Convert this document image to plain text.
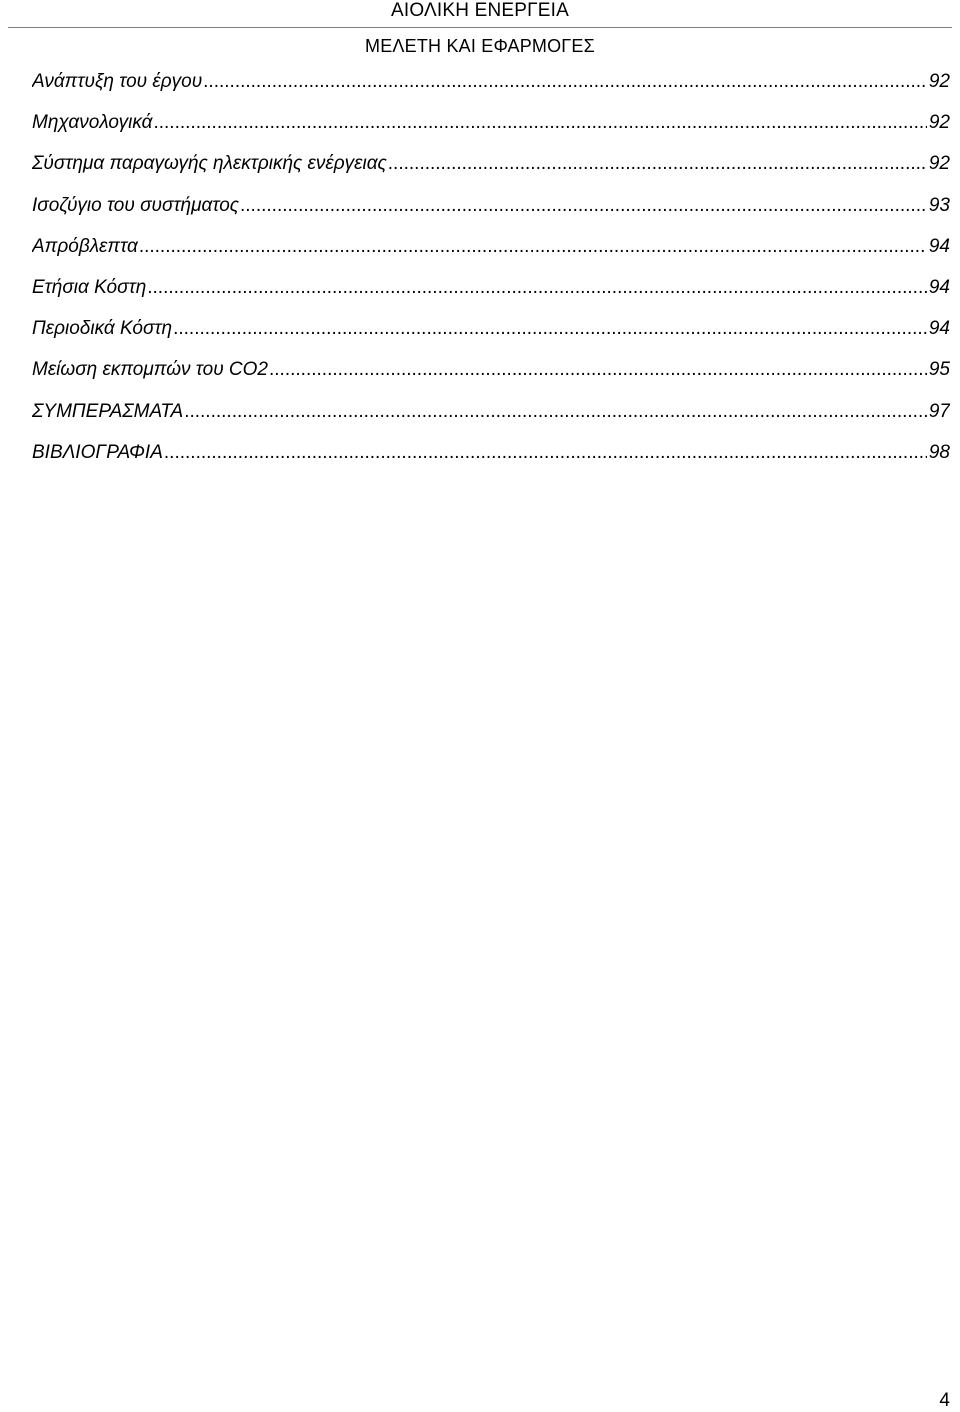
ΑΙΟΛΙΚΗ ΕΝΕΡΓΕΙΑ
ΜΕΛΕΤΗ ΚΑΙ ΕΦΑΡΜΟΓΕΣ
Ανάπτυξη του έργου .....	92
Μηχανολογικά .....	92
Σύστημα παραγωγής ηλεκτρικής ενέργειας .....	92
Ισοζύγιο του συστήματος .....	93
Απρόβλεπτα .....	94
Ετήσια Κόστη .....	94
Περιοδικά Κόστη .....	94
Μείωση εκπομπών του CO2 .....	95
ΣΥΜΠΕΡΑΣΜΑΤΑ .....	97
ΒΙΒΛΙΟΓΡΑΦΙΑ .....	98
4
